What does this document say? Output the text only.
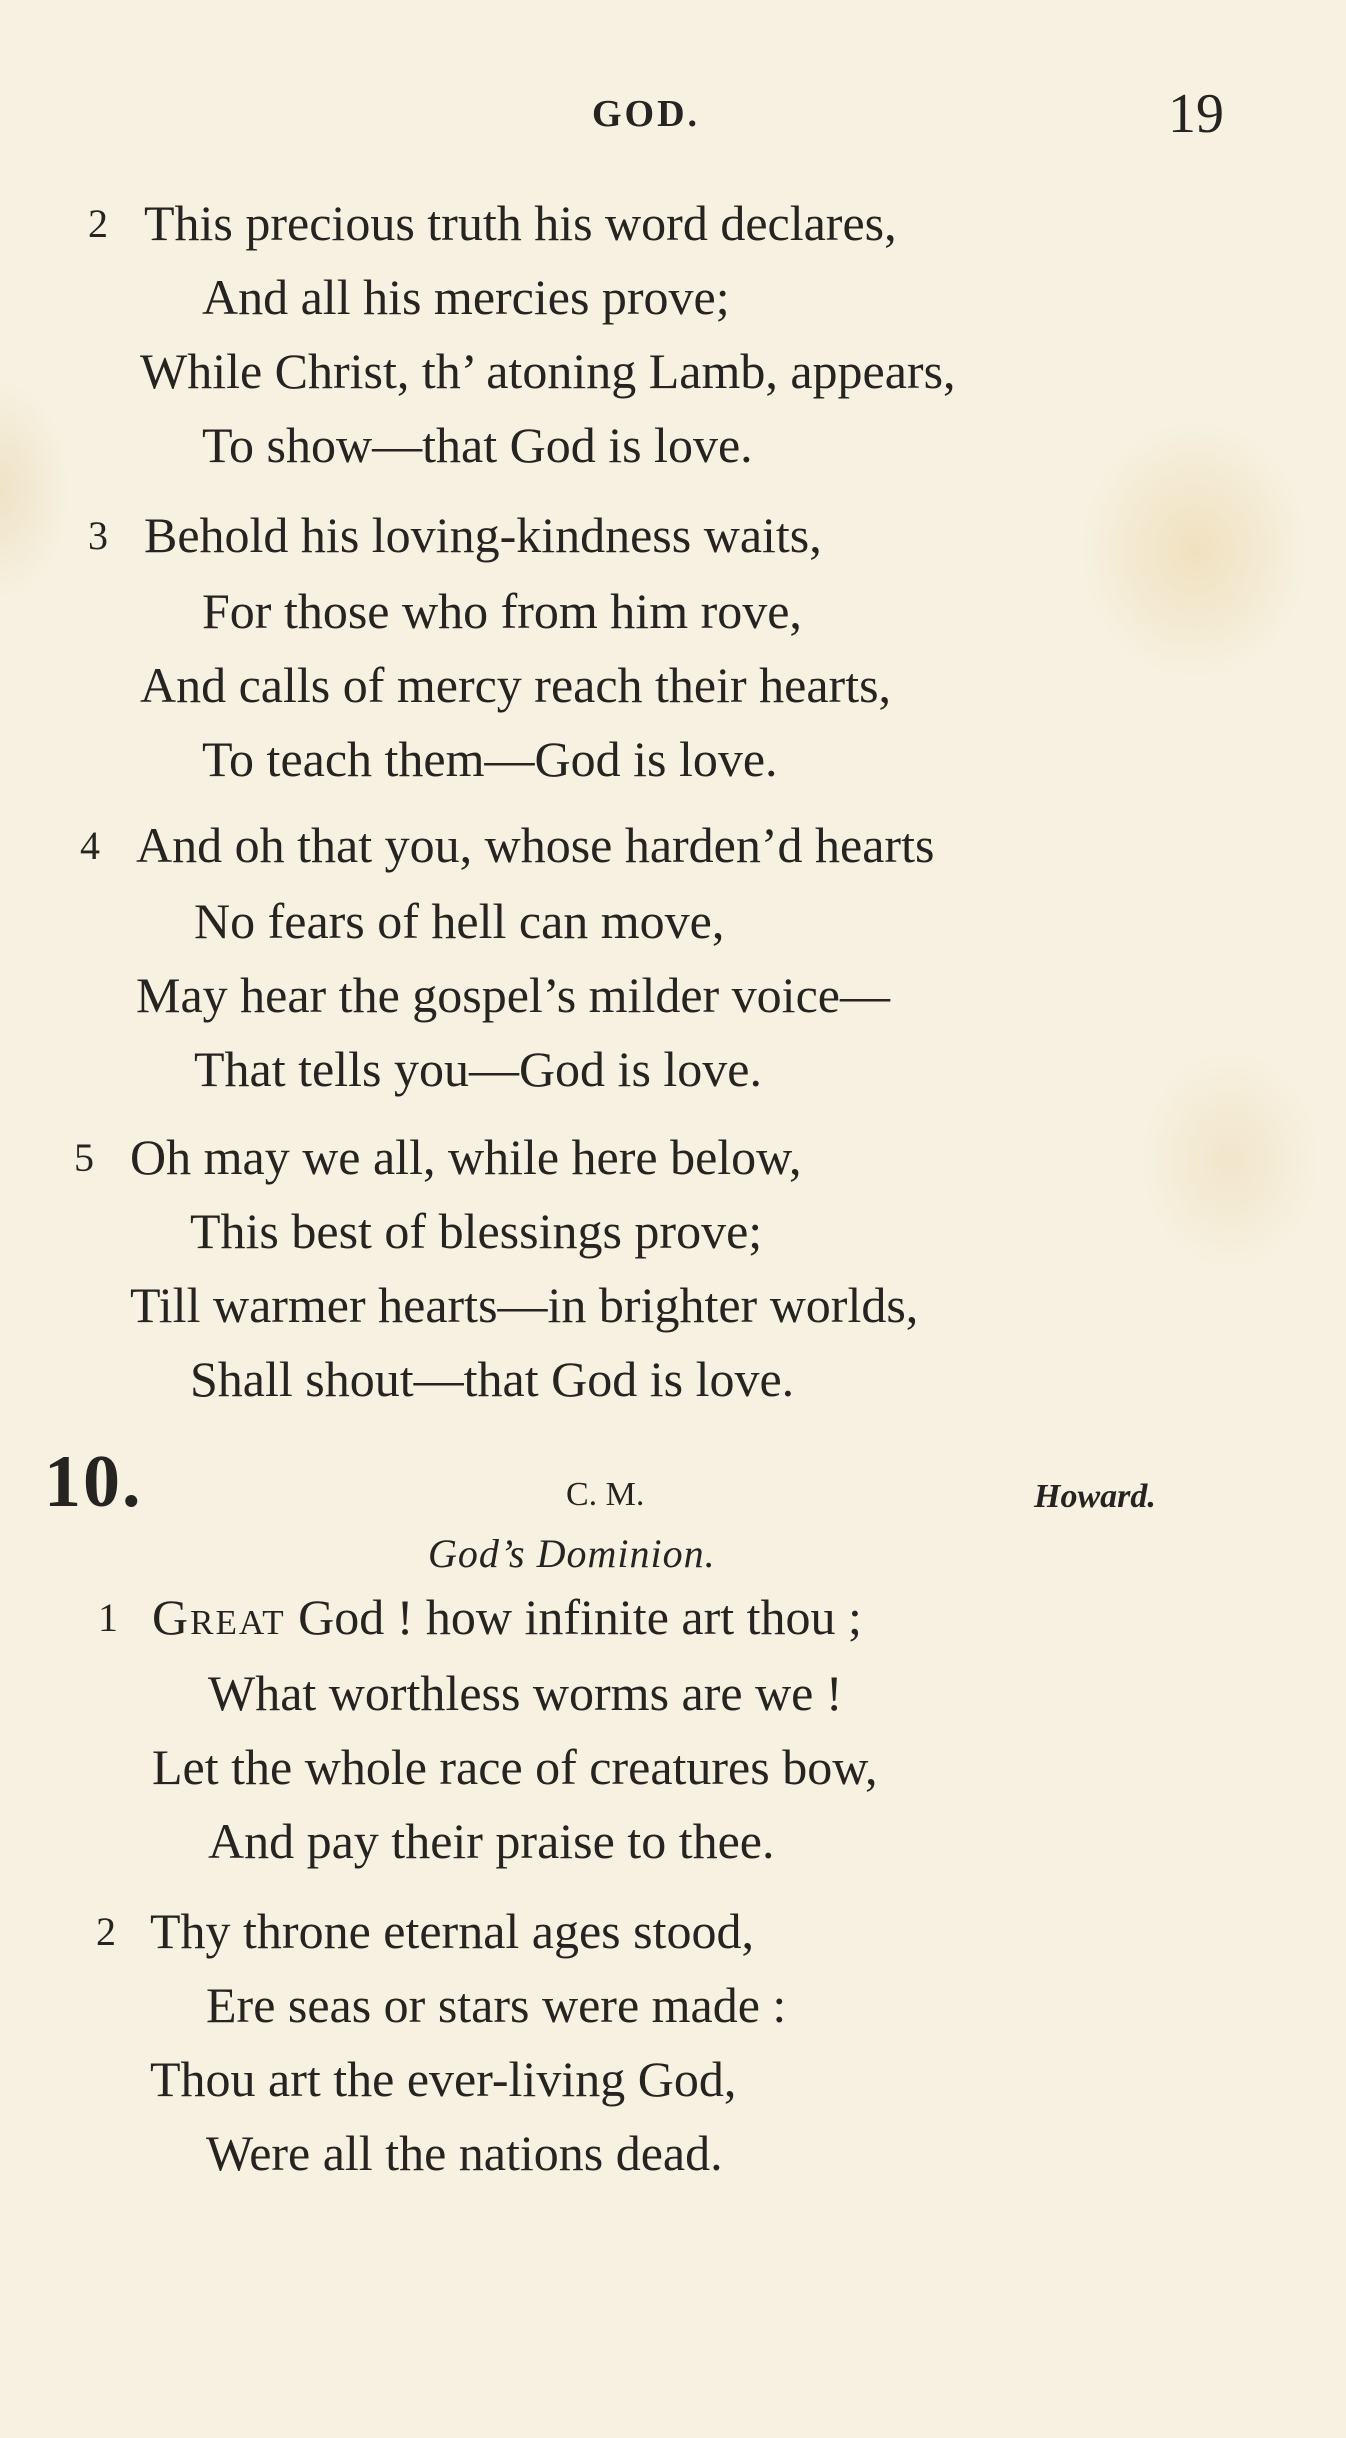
GOD.	19
2 This precious truth his word declares,
And all his mercies prove;
While Christ, th’ atoning Lamb, appears,
To show—that God is love.
3 Behold his loving-kindness waits,
For those who from him rove,
And calls of mercy reach their hearts,
To teach them—God is love.
4 And oh that you, whose harden’d hearts
No fears of hell can move,
May hear the gospel’s milder voice—
That tells you—God is love.
5 Oh may we all, while here below,
This best of blessings prove;
Till warmer hearts—in brighter worlds,
Shall shout—that God is love.
10.	C. M.	Howard.
God’s Dominion.
1 Great God ! how infinite art thou ;
What worthless worms are we !
Let the whole race of creatures bow,
And pay their praise to thee.
2 Thy throne eternal ages stood,
Ere seas or stars were made :
Thou art the ever-living God,
Were all the nations dead.
